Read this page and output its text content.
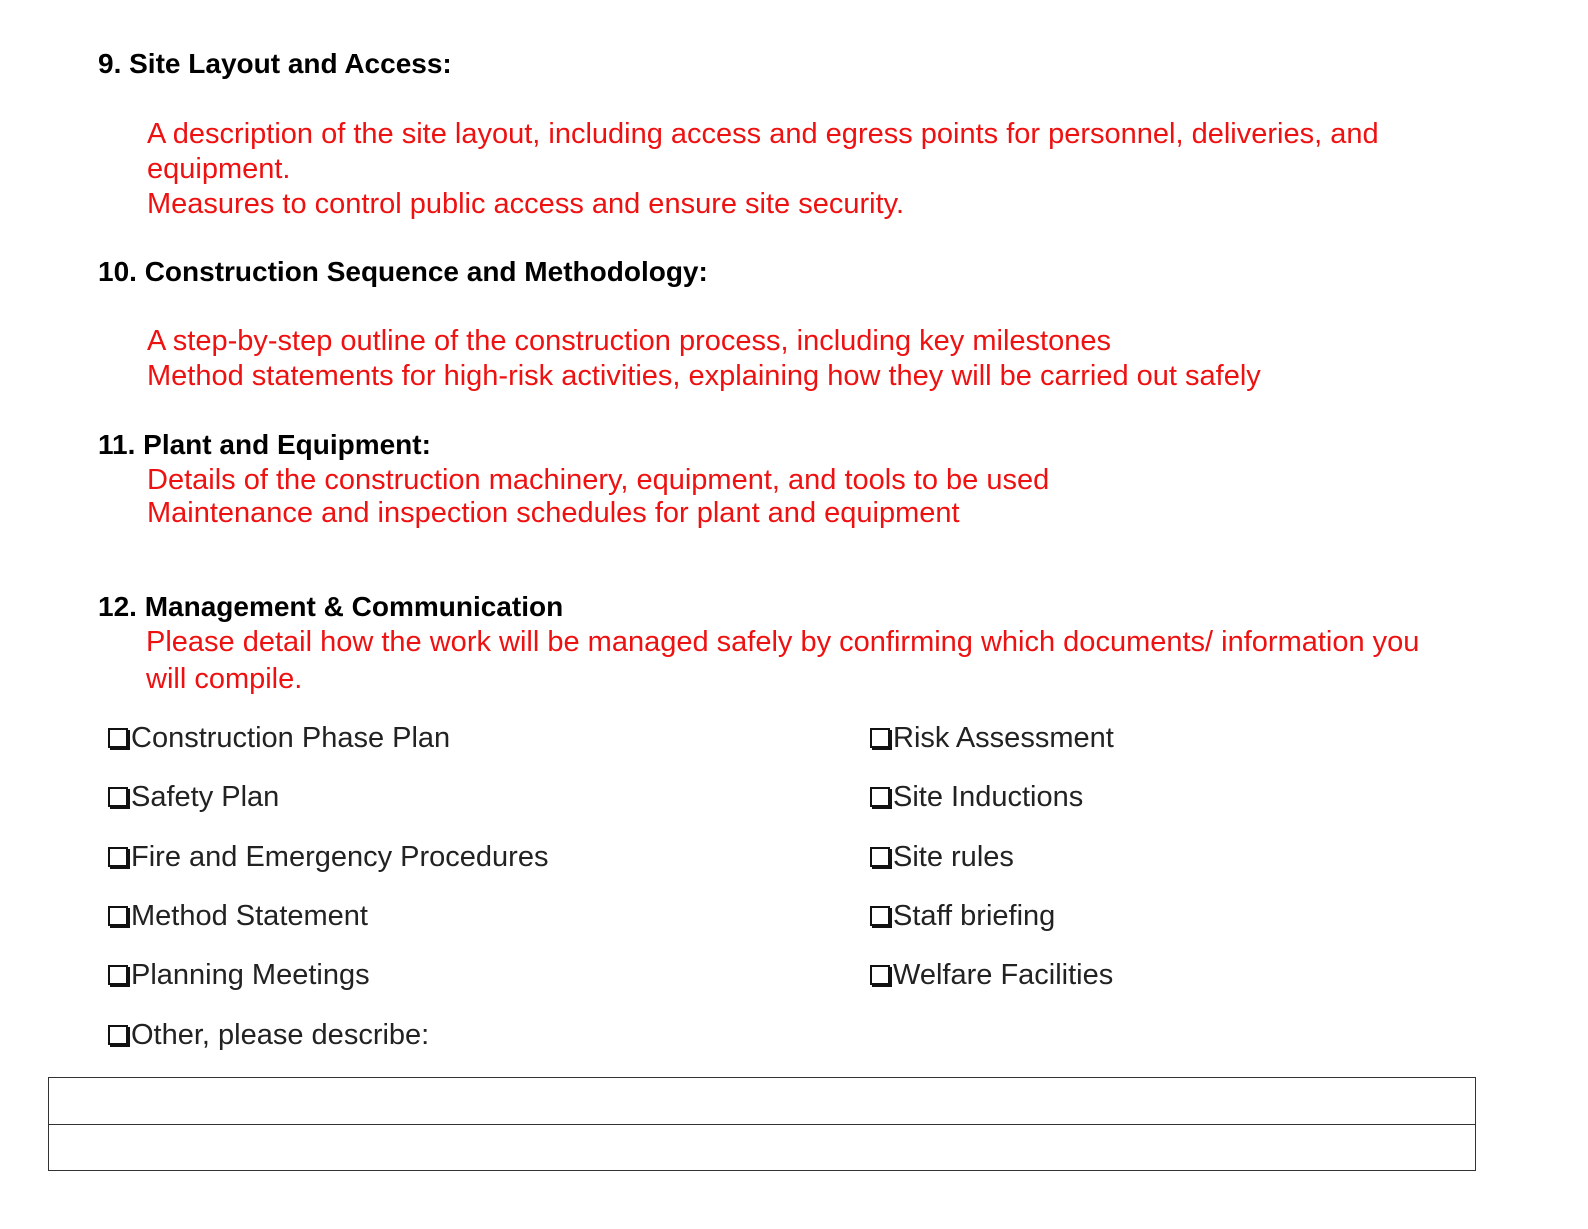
9. Site Layout and Access:
A description of the site layout, including access and egress points for personnel, deliveries, and
equipment.
Measures to control public access and ensure site security.
10. Construction Sequence and Methodology:
A step-by-step outline of the construction process, including key milestones
Method statements for high-risk activities, explaining how they will be carried out safely
11. Plant and Equipment:
Details of the construction machinery, equipment, and tools to be used
Maintenance and inspection schedules for plant and equipment
12. Management & Communication
Please detail how the work will be managed safely by confirming which documents/ information you
will compile.
Construction Phase Plan
Safety Plan
Fire and Emergency Procedures
Method Statement
Planning Meetings
Other, please describe:
Risk Assessment
Site Inductions
Site rules
Staff briefing
Welfare Facilities
